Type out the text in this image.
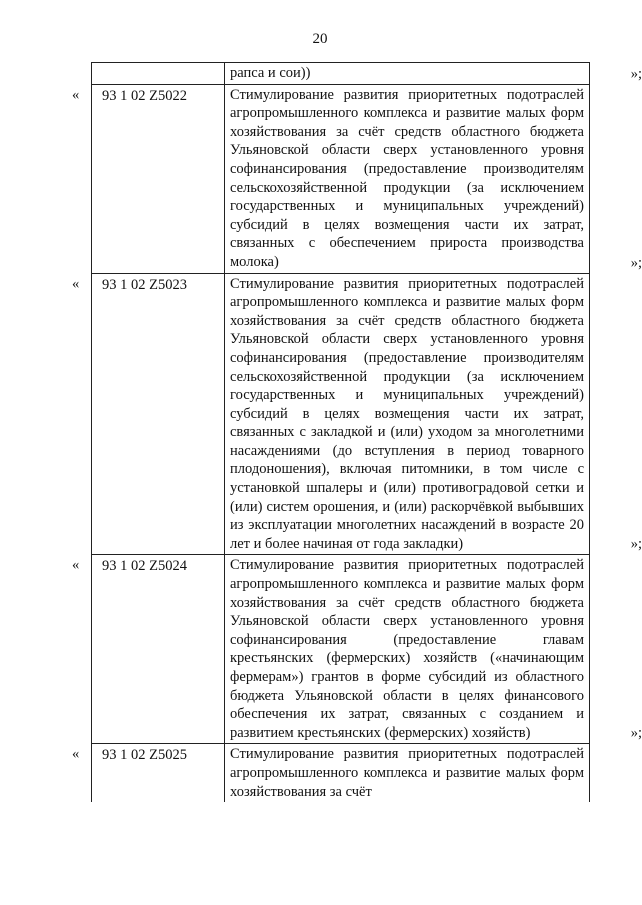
20
рапса и сои))	»;
«	93 1 02 Z5022	Стимулирование развития приоритетных подотраслей агропромышленного комплекса и развитие малых форм хозяйствования за счёт средств областного бюджета Ульяновской области сверх установленного уровня софинансирования (предоставление производителям сельскохозяйственной продукции (за исключением государственных и муниципальных учреждений) субсидий в целях возмещения части их затрат, связанных с обеспечением прироста производства молока)	»;
«	93 1 02 Z5023	Стимулирование развития приоритетных подотраслей агропромышленного комплекса и развитие малых форм хозяйствования за счёт средств областного бюджета Ульяновской области сверх установленного уровня софинансирования (предоставление производителям сельскохозяйственной продукции (за исключением государственных и муниципальных учреждений) субсидий в целях возмещения части их затрат, связанных с закладкой и (или) уходом за многолетними насаждениями (до вступления в период товарного плодоношения), включая питомники, в том числе с установкой шпалеры и (или) противоградовой сетки и (или) систем орошения, и (или) раскорчёвкой выбывших из эксплуатации многолетних насаждений в возрасте 20 лет и более начиная от года закладки)	»;
«	93 1 02 Z5024	Стимулирование развития приоритетных подотраслей агропромышленного комплекса и развитие малых форм хозяйствования за счёт средств областного бюджета Ульяновской области сверх установленного уровня софинансирования (предоставление главам крестьянских (фермерских) хозяйств («начинающим фермерам») грантов в форме субсидий из областного бюджета Ульяновской области в целях финансового обеспечения их затрат, связанных с созданием и развитием крестьянских (фермерских) хозяйств)	»;
«	93 1 02 Z5025	Стимулирование развития приоритетных подотраслей агропромышленного комплекса и развитие малых форм хозяйствования за счёт
